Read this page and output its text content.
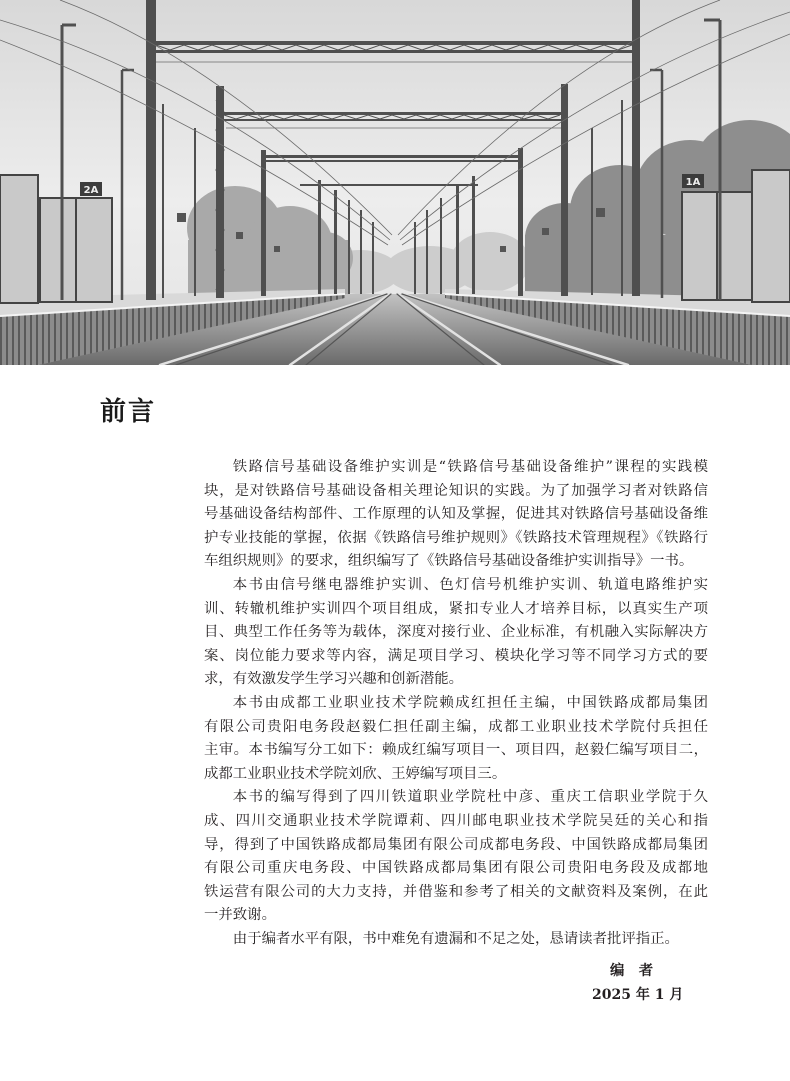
2A
1A
前言
铁路信号基础设备维护实训是“铁路信号基础设备维护”课程的实践模
块，是对铁路信号基础设备相关理论知识的实践。为了加强学习者对铁路信
号基础设备结构部件、工作原理的认知及掌握，促进其对铁路信号基础设备维
护专业技能的掌握，依据《铁路信号维护规则》《铁路技术管理规程》《铁路行
车组织规则》的要求，组织编写了《铁路信号基础设备维护实训指导》一书。
本书由信号继电器维护实训、色灯信号机维护实训、轨道电路维护实
训、转辙机维护实训四个项目组成，紧扣专业人才培养目标，以真实生产项
目、典型工作任务等为载体，深度对接行业、企业标准，有机融入实际解决方
案、岗位能力要求等内容，满足项目学习、模块化学习等不同学习方式的要
求，有效激发学生学习兴趣和创新潜能。
本书由成都工业职业技术学院赖成红担任主编，中国铁路成都局集团
有限公司贵阳电务段赵毅仁担任副主编，成都工业职业技术学院付兵担任
主审。本书编写分工如下：赖成红编写项目一、项目四，赵毅仁编写项目二，
成都工业职业技术学院刘欣、王婷编写项目三。
本书的编写得到了四川铁道职业学院杜中彦、重庆工信职业学院于久
成、四川交通职业技术学院谭莉、四川邮电职业技术学院吴廷的关心和指
导，得到了中国铁路成都局集团有限公司成都电务段、中国铁路成都局集团
有限公司重庆电务段、中国铁路成都局集团有限公司贵阳电务段及成都地
铁运营有限公司的大力支持，并借鉴和参考了相关的文献资料及案例，在此
一并致谢。
由于编者水平有限，书中难免有遗漏和不足之处，恳请读者批评指正。
编　者
2025 年 1 月
